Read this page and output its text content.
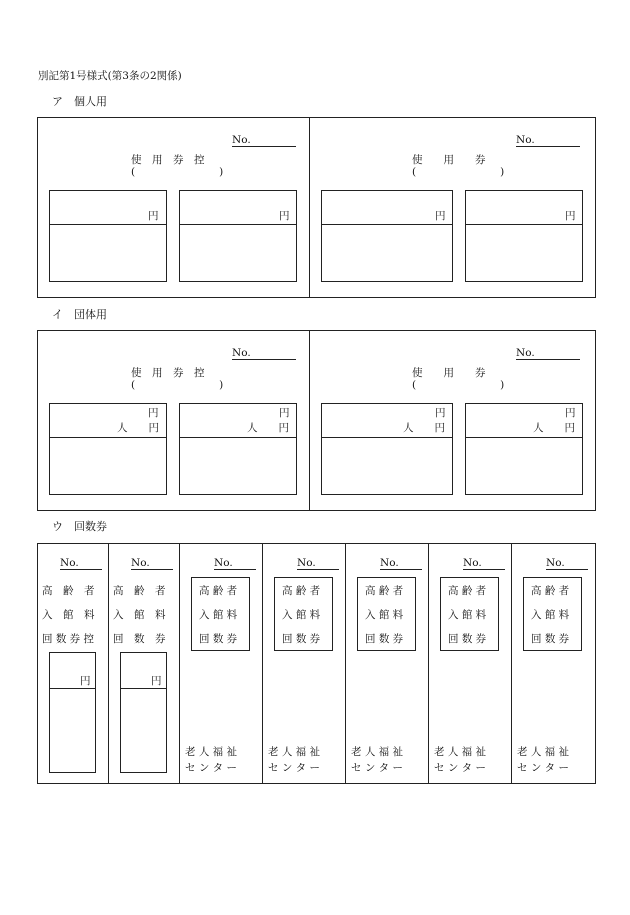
別記第1号様式(第3条の2関係)
ア　個人用
No.
使　用　券　控
(　　　　　　　　)
円	円
No.
使　　用　　券
(　　　　　　　　)
円	円
イ　団体用
No.
使　用　券　控
(　　　　　　　　)
円
人　　円
円
人　　円
No.
使　　用　　券
(　　　　　　　　)
円
人　　円
円
人　　円
ウ　回数券
No.
高　齢　者
入　館　料
回 数 券 控
円
No.
高　齢　者
入　館　料
回　数　券
円
No.
高 齢 者
入 館 料
回 数 券
老 人 福 祉
セ ン タ ー
No.
高 齢 者
入 館 料
回 数 券
老 人 福 祉
セ ン タ ー
No.
高 齢 者
入 館 料
回 数 券
老 人 福 祉
セ ン タ ー
No.
高 齢 者
入 館 料
回 数 券
老 人 福 祉
セ ン タ ー
No.
高 齢 者
入 館 料
回 数 券
老 人 福 祉
セ ン タ ー
